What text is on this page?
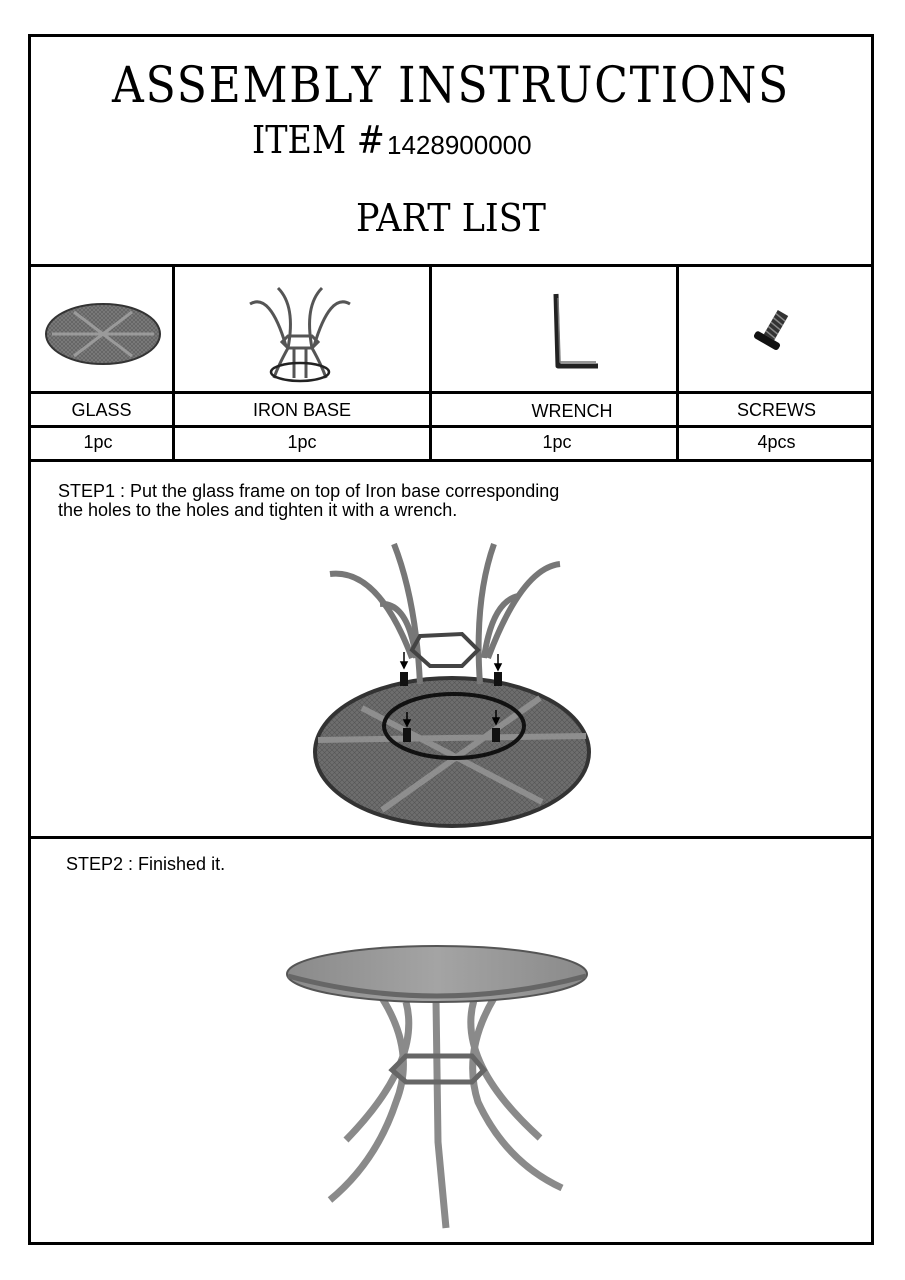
ASSEMBLY INSTRUCTIONS
ITEM # 1428900000
PART LIST
GLASS	IRON BASE	WRENCH	SCREWS
1pc	1pc	1pc	4pcs
STEP1 : Put the glass frame on top of Iron base corresponding
the holes to the holes and tighten it with a wrench.
STEP2 : Finished it.
